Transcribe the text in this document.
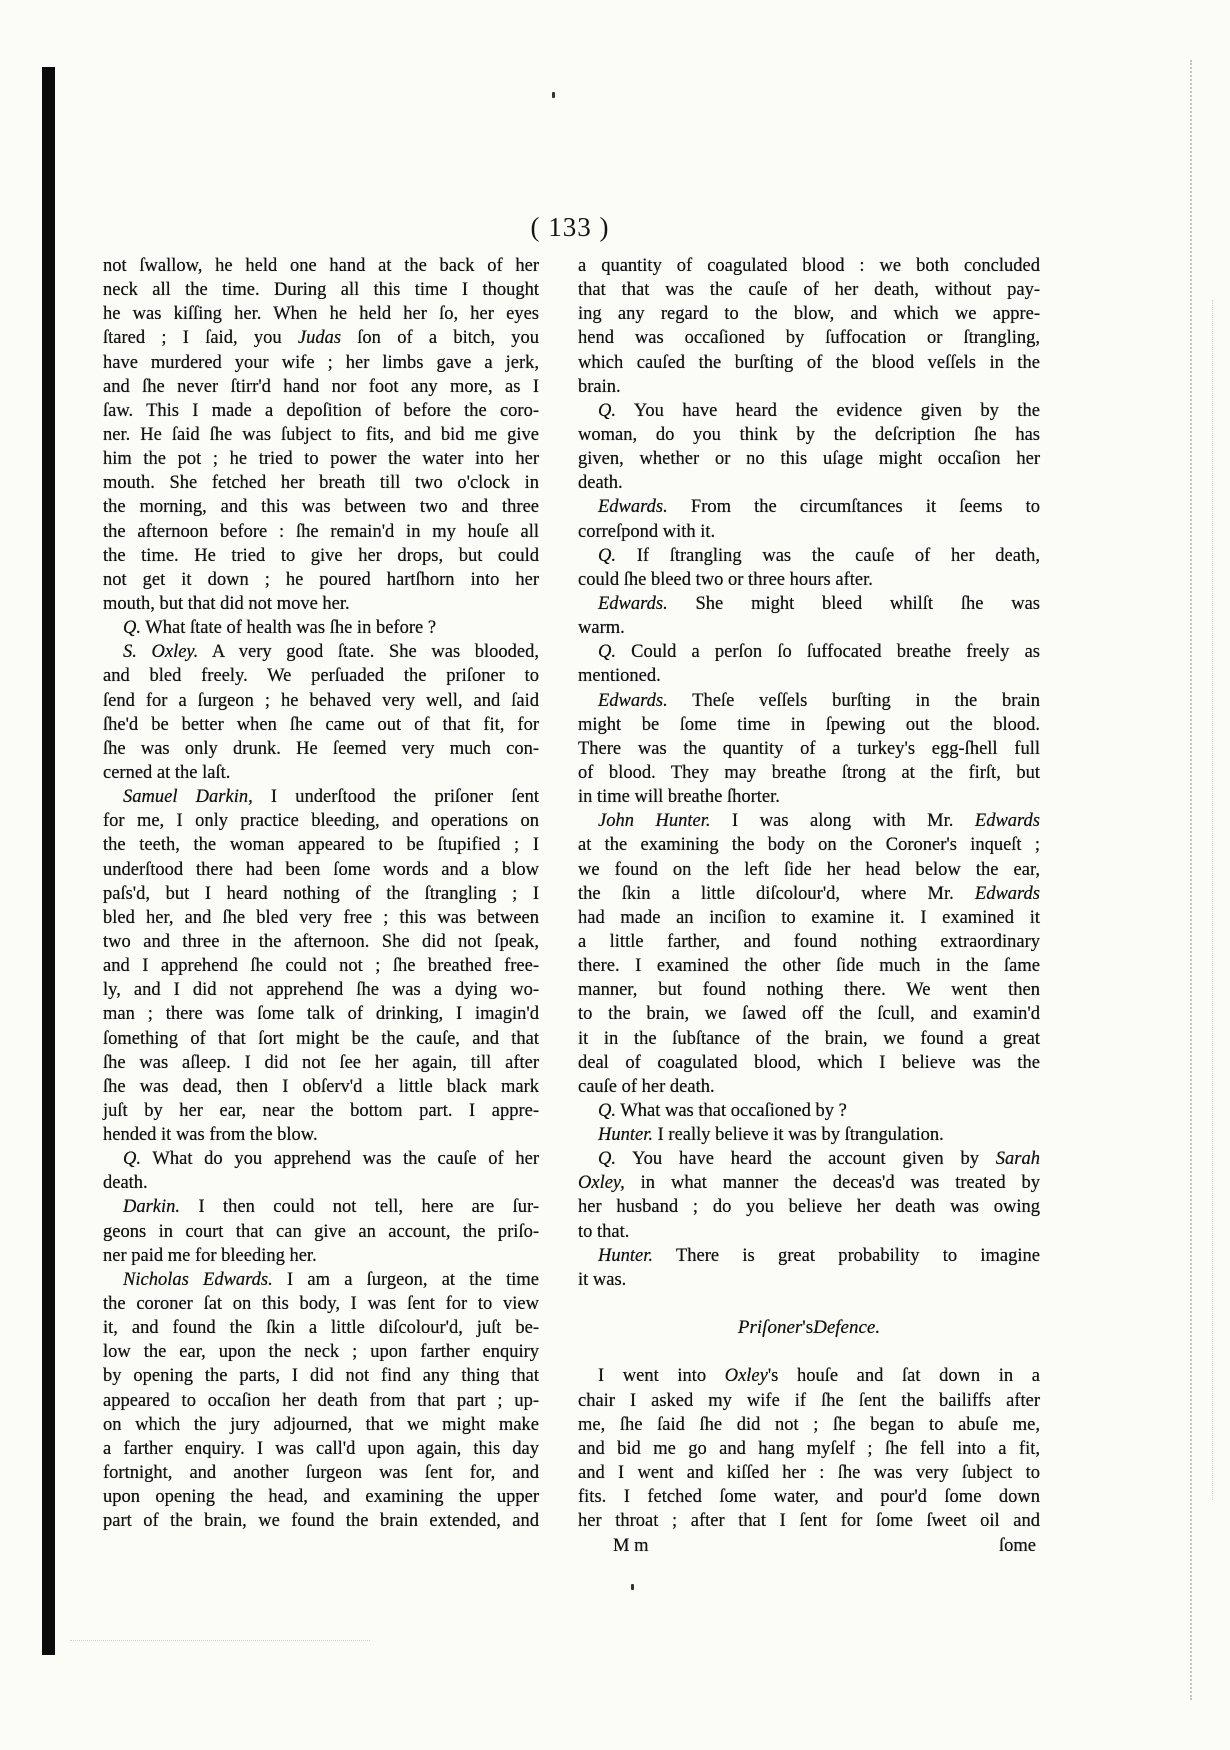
( 133 )
not ſwallow, he held one hand at the back of her
neck all the time. During all this time I thought
he was kiſſing her. When he held her ſo, her eyes
ſtared ; I ſaid, you Judas ſon of a bitch, you
have murdered your wife ; her limbs gave a jerk,
and ſhe never ſtirr'd hand nor foot any more, as I
ſaw. This I made a depoſition of before the coro-
ner. He ſaid ſhe was ſubject to fits, and bid me give
him the pot ; he tried to power the water into her
mouth. She fetched her breath till two o'clock in
the morning, and this was between two and three
the afternoon before : ſhe remain'd in my houſe all
the time. He tried to give her drops, but could
not get it down ; he poured hartſhorn into her
mouth, but that did not move her.
Q. What ſtate of health was ſhe in before ?
S. Oxley. A very good ſtate. She was blooded,
and bled freely. We perſuaded the priſoner to
ſend for a ſurgeon ; he behaved very well, and ſaid
ſhe'd be better when ſhe came out of that fit, for
ſhe was only drunk. He ſeemed very much con-
cerned at the laſt.
Samuel Darkin, I underſtood the priſoner ſent
for me, I only practice bleeding, and operations on
the teeth, the woman appeared to be ſtupified ; I
underſtood there had been ſome words and a blow
paſs'd, but I heard nothing of the ſtrangling ; I
bled her, and ſhe bled very free ; this was between
two and three in the afternoon. She did not ſpeak,
and I apprehend ſhe could not ; ſhe breathed free-
ly, and I did not apprehend ſhe was a dying wo-
man ; there was ſome talk of drinking, I imagin'd
ſomething of that ſort might be the cauſe, and that
ſhe was aſleep. I did not ſee her again, till after
ſhe was dead, then I obſerv'd a little black mark
juſt by her ear, near the bottom part. I appre-
hended it was from the blow.
Q. What do you apprehend was the cauſe of her
death.
Darkin. I then could not tell, here are ſur-
geons in court that can give an account, the priſo-
ner paid me for bleeding her.
Nicholas Edwards. I am a ſurgeon, at the time
the coroner ſat on this body, I was ſent for to view
it, and found the ſkin a little diſcolour'd, juſt be-
low the ear, upon the neck ; upon farther enquiry
by opening the parts, I did not find any thing that
appeared to occaſion her death from that part ; up-
on which the jury adjourned, that we might make
a farther enquiry. I was call'd upon again, this day
fortnight, and another ſurgeon was ſent for, and
upon opening the head, and examining the upper
part of the brain, we found the brain extended, and
a quantity of coagulated blood : we both concluded
that that was the cauſe of her death, without pay-
ing any regard to the blow, and which we appre-
hend was occaſioned by ſuffocation or ſtrangling,
which cauſed the burſting of the blood veſſels in the
brain.
Q. You have heard the evidence given by the
woman, do you think by the deſcription ſhe has
given, whether or no this uſage might occaſion her
death.
Edwards. From the circumſtances it ſeems to
correſpond with it.
Q. If ſtrangling was the cauſe of her death,
could ſhe bleed two or three hours after.
Edwards. She might bleed whilſt ſhe was
warm.
Q. Could a perſon ſo ſuffocated breathe freely as
mentioned.
Edwards. Theſe veſſels burſting in the brain
might be ſome time in ſpewing out the blood.
There was the quantity of a turkey's egg-ſhell full
of blood. They may breathe ſtrong at the firſt, but
in time will breathe ſhorter.
John Hunter. I was along with Mr. Edwards
at the examining the body on the Coroner's inqueſt ;
we found on the left ſide her head below the ear,
the ſkin a little diſcolour'd, where Mr. Edwards
had made an inciſion to examine it. I examined it
a little farther, and found nothing extraordinary
there. I examined the other ſide much in the ſame
manner, but found nothing there. We went then
to the brain, we ſawed off the ſcull, and examin'd
it in the ſubſtance of the brain, we found a great
deal of coagulated blood, which I believe was the
cauſe of her death.
Q. What was that occaſioned by ?
Hunter. I really believe it was by ſtrangulation.
Q. You have heard the account given by Sarah
Oxley, in what manner the deceas'd was treated by
her husband ; do you believe her death was owing
to that.
Hunter. There is great probability to imagine
it was.
Priſoner 's Defence.
I went into Oxley's houſe and ſat down in a
chair I asked my wife if ſhe ſent the bailiffs after
me, ſhe ſaid ſhe did not ; ſhe began to abuſe me,
and bid me go and hang myſelf ; ſhe fell into a fit,
and I went and kiſſed her : ſhe was very ſubject to
fits. I fetched ſome water, and pour'd ſome down
her throat ; after that I ſent for ſome ſweet oil and
M m	ſome
